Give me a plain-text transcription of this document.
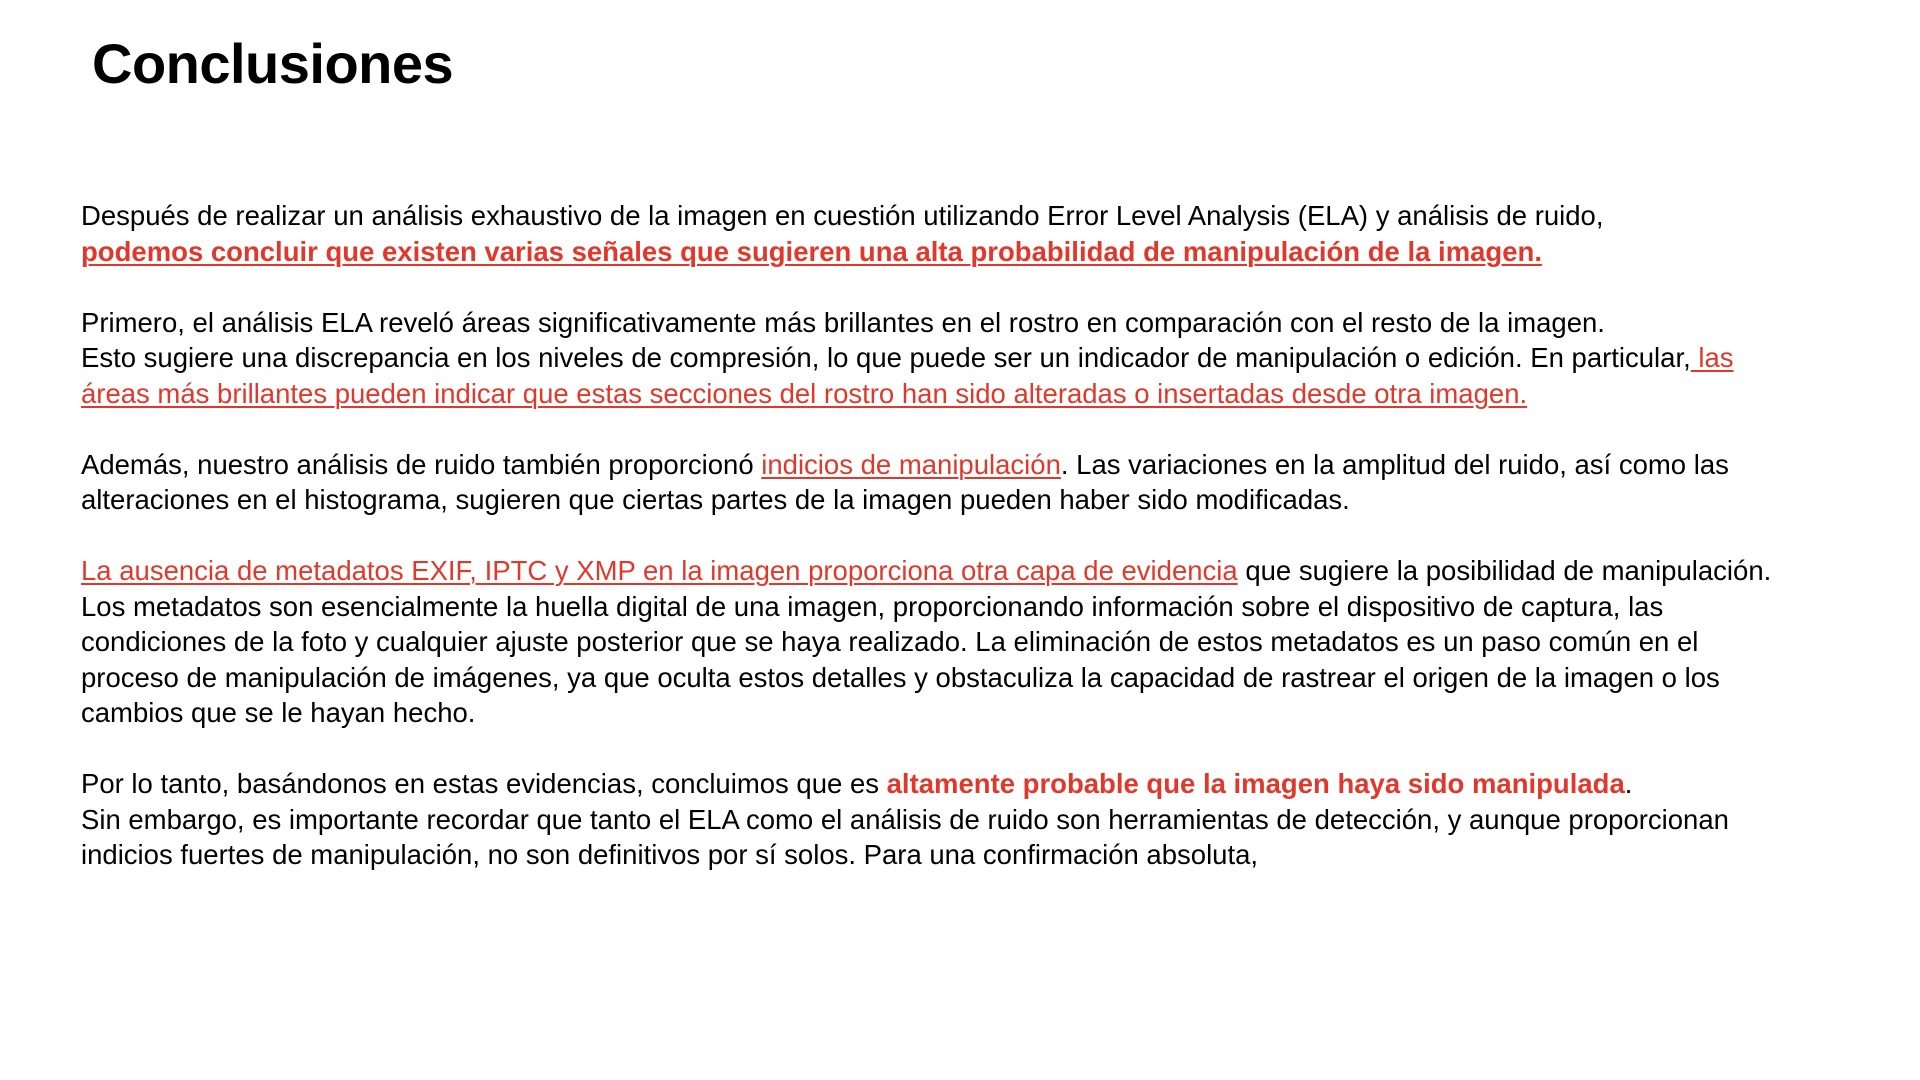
Conclusiones

Después de realizar un análisis exhaustivo de la imagen en cuestión utilizando Error Level Analysis (ELA) y análisis de ruido,
podemos concluir que existen varias señales que sugieren una alta probabilidad de manipulación de la imagen.

Primero, el análisis ELA reveló áreas significativamente más brillantes en el rostro en comparación con el resto de la imagen.
Esto sugiere una discrepancia en los niveles de compresión, lo que puede ser un indicador de manipulación o edición. En particular, las áreas más brillantes pueden indicar que estas secciones del rostro han sido alteradas o insertadas desde otra imagen.

Además, nuestro análisis de ruido también proporcionó indicios de manipulación. Las variaciones en la amplitud del ruido, así como las alteraciones en el histograma, sugieren que ciertas partes de la imagen pueden haber sido modificadas.

La ausencia de metadatos EXIF, IPTC y XMP en la imagen proporciona otra capa de evidencia que sugiere la posibilidad de manipulación. Los metadatos son esencialmente la huella digital de una imagen, proporcionando información sobre el dispositivo de captura, las condiciones de la foto y cualquier ajuste posterior que se haya realizado. La eliminación de estos metadatos es un paso común en el proceso de manipulación de imágenes, ya que oculta estos detalles y obstaculiza la capacidad de rastrear el origen de la imagen o los cambios que se le hayan hecho.

Por lo tanto, basándonos en estas evidencias, concluimos que es altamente probable que la imagen haya sido manipulada.
Sin embargo, es importante recordar que tanto el ELA como el análisis de ruido son herramientas de detección, y aunque proporcionan indicios fuertes de manipulación, no son definitivos por sí solos. Para una confirmación absoluta,
